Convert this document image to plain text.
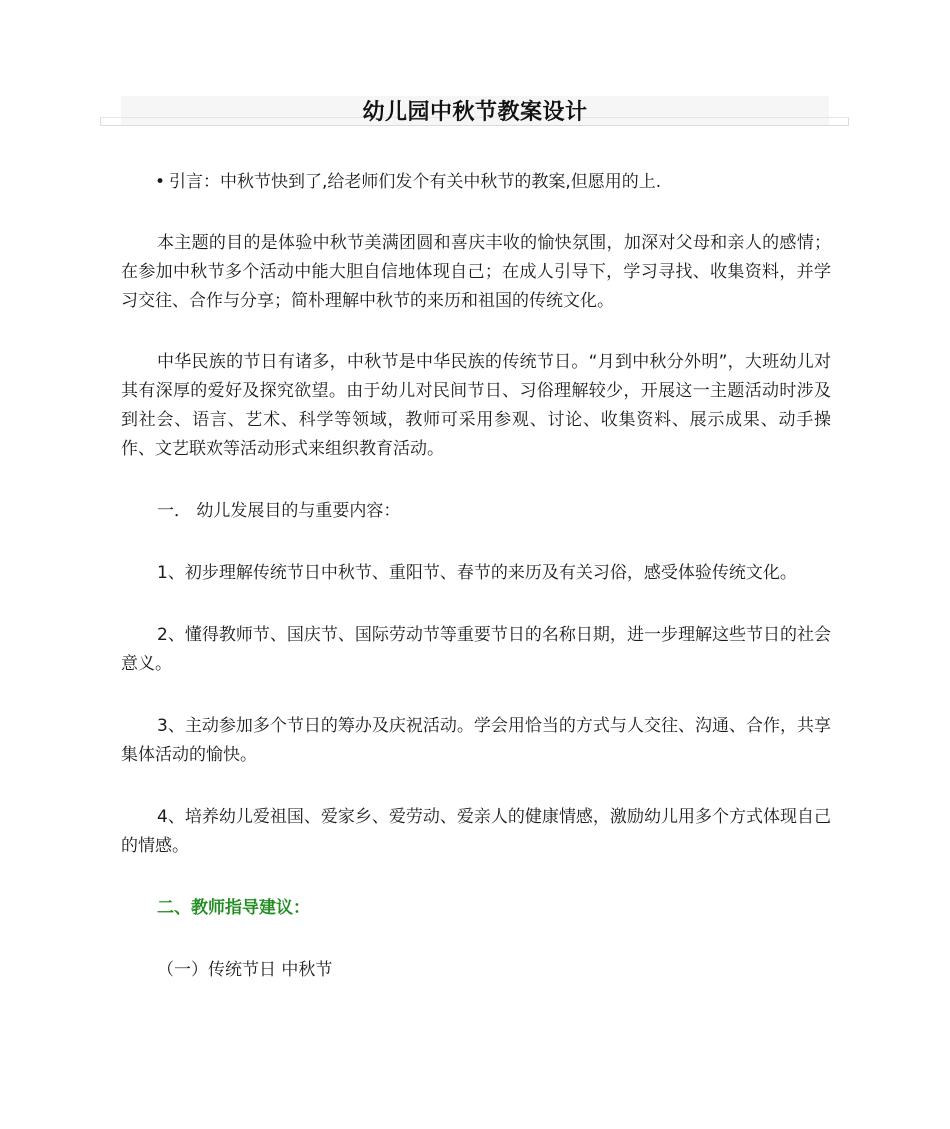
幼儿园中秋节教案设计
• 引言：中秋节快到了,给老师们发个有关中秋节的教案,但愿用的上.
本主题的目的是体验中秋节美满团圆和喜庆丰收的愉快氛围，加深对父母和亲人的感情；在参加中秋节多个活动中能大胆自信地体现自己；在成人引导下，学习寻找、收集资料，并学习交往、合作与分享；简朴理解中秋节的来历和祖国的传统文化。
中华民族的节日有诸多，中秋节是中华民族的传统节日。“月到中秋分外明”，大班幼儿对其有深厚的爱好及探究欲望。由于幼儿对民间节日、习俗理解较少，开展这一主题活动时涉及到社会、语言、艺术、科学等领域，教师可采用参观、讨论、收集资料、展示成果、动手操作、文艺联欢等活动形式来组织教育活动。
一． 幼儿发展目的与重要内容：
1、初步理解传统节日中秋节、重阳节、春节的来历及有关习俗，感受体验传统文化。
2、懂得教师节、国庆节、国际劳动节等重要节日的名称日期，进一步理解这些节日的社会意义。
3、主动参加多个节日的筹办及庆祝活动。学会用恰当的方式与人交往、沟通、合作，共享集体活动的愉快。
4、培养幼儿爱祖国、爱家乡、爱劳动、爱亲人的健康情感，激励幼儿用多个方式体现自己的情感。
二、教师指导建议：
（一）传统节日 中秋节
